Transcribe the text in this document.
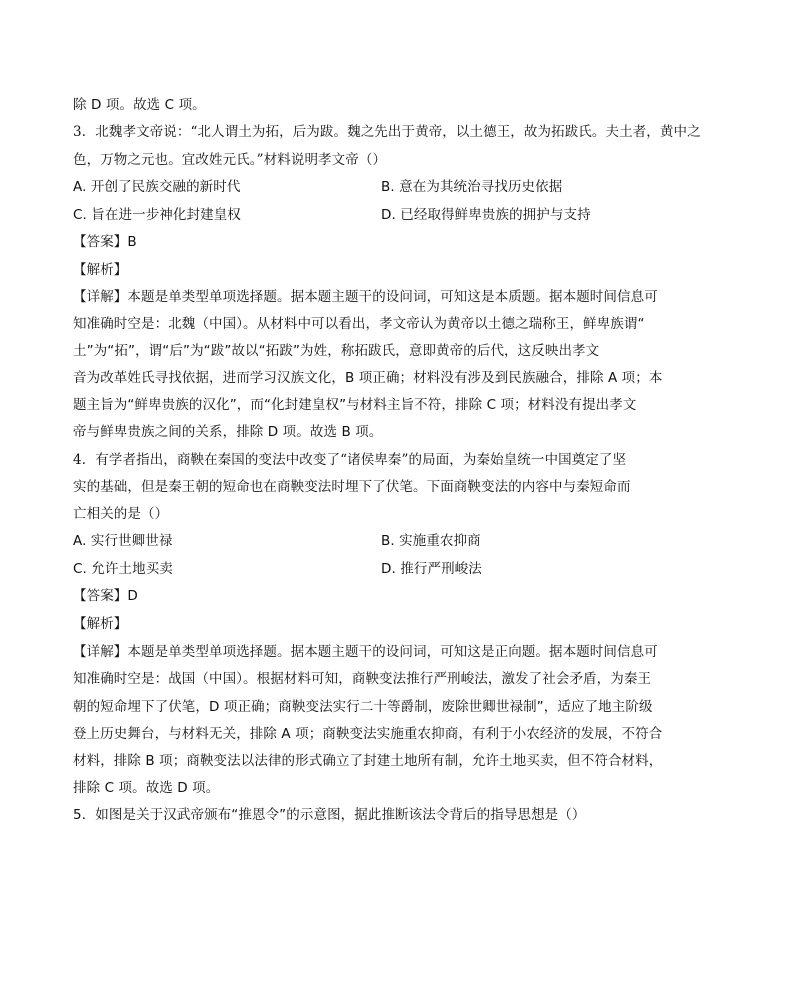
除 D 项。故选 C 项。
3．北魏孝文帝说：“北人谓土为拓，后为跋。魏之先出于黄帝，以土德王，故为拓跋氏。夫土者，黄中之
色，万物之元也。宜改姓元氏。”材料说明孝文帝（）
A. 开创了民族交融的新时代	B. 意在为其统治寻找历史依据
C. 旨在进一步神化封建皇权	D. 已经取得鲜卑贵族的拥护与支持
【答案】B
【解析】
【详解】本题是单类型单项选择题。据本题主题干的设问词，可知这是本质题。据本题时间信息可
知准确时空是：北魏（中国）。从材料中可以看出，孝文帝认为黄帝以土德之瑞称王，鲜卑族谓“
土”为“拓”，谓“后”为“跋”故以“拓跋”为姓，称拓跋氏，意即黄帝的后代，这反映出孝文
音为改革姓氏寻找依据，进而学习汉族文化，B 项正确；材料没有涉及到民族融合，排除 A 项；本
题主旨为“鲜卑贵族的汉化”，而“化封建皇权”与材料主旨不符，排除 C 项；材料没有提出孝文
帝与鲜卑贵族之间的关系，排除 D 项。故选 B 项。
4．有学者指出，商鞅在秦国的变法中改变了“诸侯卑秦”的局面，为秦始皇统一中国奠定了坚
实的基础，但是秦王朝的短命也在商鞅变法时埋下了伏笔。下面商鞅变法的内容中与秦短命而
亡相关的是（）
A. 实行世卿世禄	B. 实施重农抑商
C. 允许土地买卖	D. 推行严刑峻法
【答案】D
【解析】
【详解】本题是单类型单项选择题。据本题主题干的设问词，可知这是正向题。据本题时间信息可
知准确时空是：战国（中国）。根据材料可知，商鞅变法推行严刑峻法，激发了社会矛盾，为秦王
朝的短命埋下了伏笔，D 项正确；商鞅变法实行二十等爵制，废除世卿世禄制”，适应了地主阶级
登上历史舞台，与材料无关，排除 A 项；商鞅变法实施重农抑商，有利于小农经济的发展，不符合
材料，排除 B 项；商鞅变法以法律的形式确立了封建土地所有制，允许土地买卖，但不符合材料，
排除 C 项。故选 D 项。
5．如图是关于汉武帝颁布“推恩令”的示意图，据此推断该法令背后的指导思想是（）
